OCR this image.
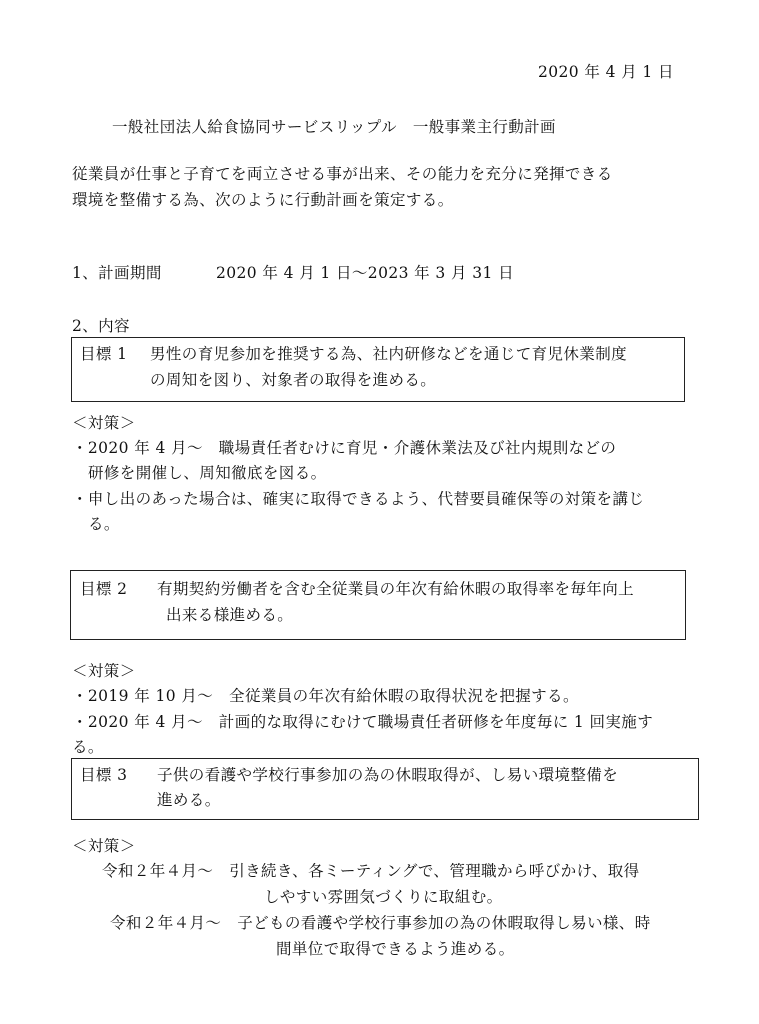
2020 年 4 月 1 日
一般社団法人給食協同サービスリップル　一般事業主行動計画
従業員が仕事と子育てを両立させる事が出来、その能力を充分に発揮できる
環境を整備する為、次のように行動計画を策定する。
1、計画期間	2020 年 4 月 1 日～2023 年 3 月 31 日
2、内容
目標 1 男性の育児参加を推奨する為、社内研修などを通じて育児休業制度
の周知を図り、対象者の取得を進める。
＜対策＞
・2020 年 4 月～　職場責任者むけに育児・介護休業法及び社内規則などの
研修を開催し、周知徹底を図る。
・申し出のあった場合は、確実に取得できるよう、代替要員確保等の対策を講じ
る。
目標 2 有期契約労働者を含む全従業員の年次有給休暇の取得率を毎年向上
出来る様進める。
＜対策＞
・2019 年 10 月～　全従業員の年次有給休暇の取得状況を把握する。
・2020 年 4 月～　計画的な取得にむけて職場責任者研修を年度毎に 1 回実施す
る。
目標 3 子供の看護や学校行事参加の為の休暇取得が、し易い環境整備を
進める。
＜対策＞
令和２年４月～　引き続き、各ミーティングで、管理職から呼びかけ、取得
しやすい雰囲気づくりに取組む。
令和２年４月～　子どもの看護や学校行事参加の為の休暇取得し易い様、時
間単位で取得できるよう進める。
